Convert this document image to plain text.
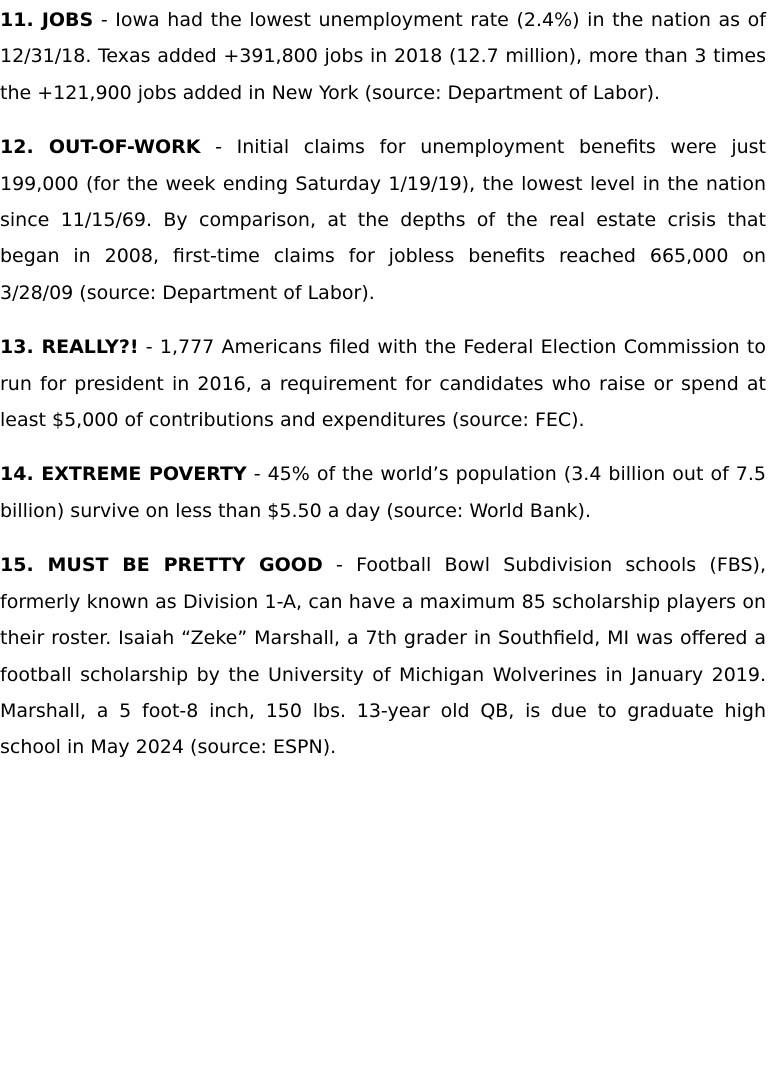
11. JOBS - Iowa had the lowest unemployment rate (2.4%) in the nation as of 12/31/18. Texas added +391,800 jobs in 2018 (12.7 million), more than 3 times the +121,900 jobs added in New York (source: Department of Labor).

12. OUT-OF-WORK - Initial claims for unemployment benefits were just 199,000 (for the week ending Saturday 1/19/19), the lowest level in the nation since 11/15/69. By comparison, at the depths of the real estate crisis that began in 2008, first-time claims for jobless benefits reached 665,000 on 3/28/09 (source: Department of Labor).

13. REALLY?! - 1,777 Americans filed with the Federal Election Commission to run for president in 2016, a requirement for candidates who raise or spend at least $5,000 of contributions and expenditures (source: FEC).

14. EXTREME POVERTY - 45% of the world’s population (3.4 billion out of 7.5 billion) survive on less than $5.50 a day (source: World Bank).

15. MUST BE PRETTY GOOD - Football Bowl Subdivision schools (FBS), formerly known as Division 1-A, can have a maximum 85 scholarship players on their roster. Isaiah “Zeke” Marshall, a 7th grader in Southfield, MI was offered a football scholarship by the University of Michigan Wolverines in January 2019. Marshall, a 5 foot-8 inch, 150 lbs. 13-year old QB, is due to graduate high school in May 2024 (source: ESPN).
